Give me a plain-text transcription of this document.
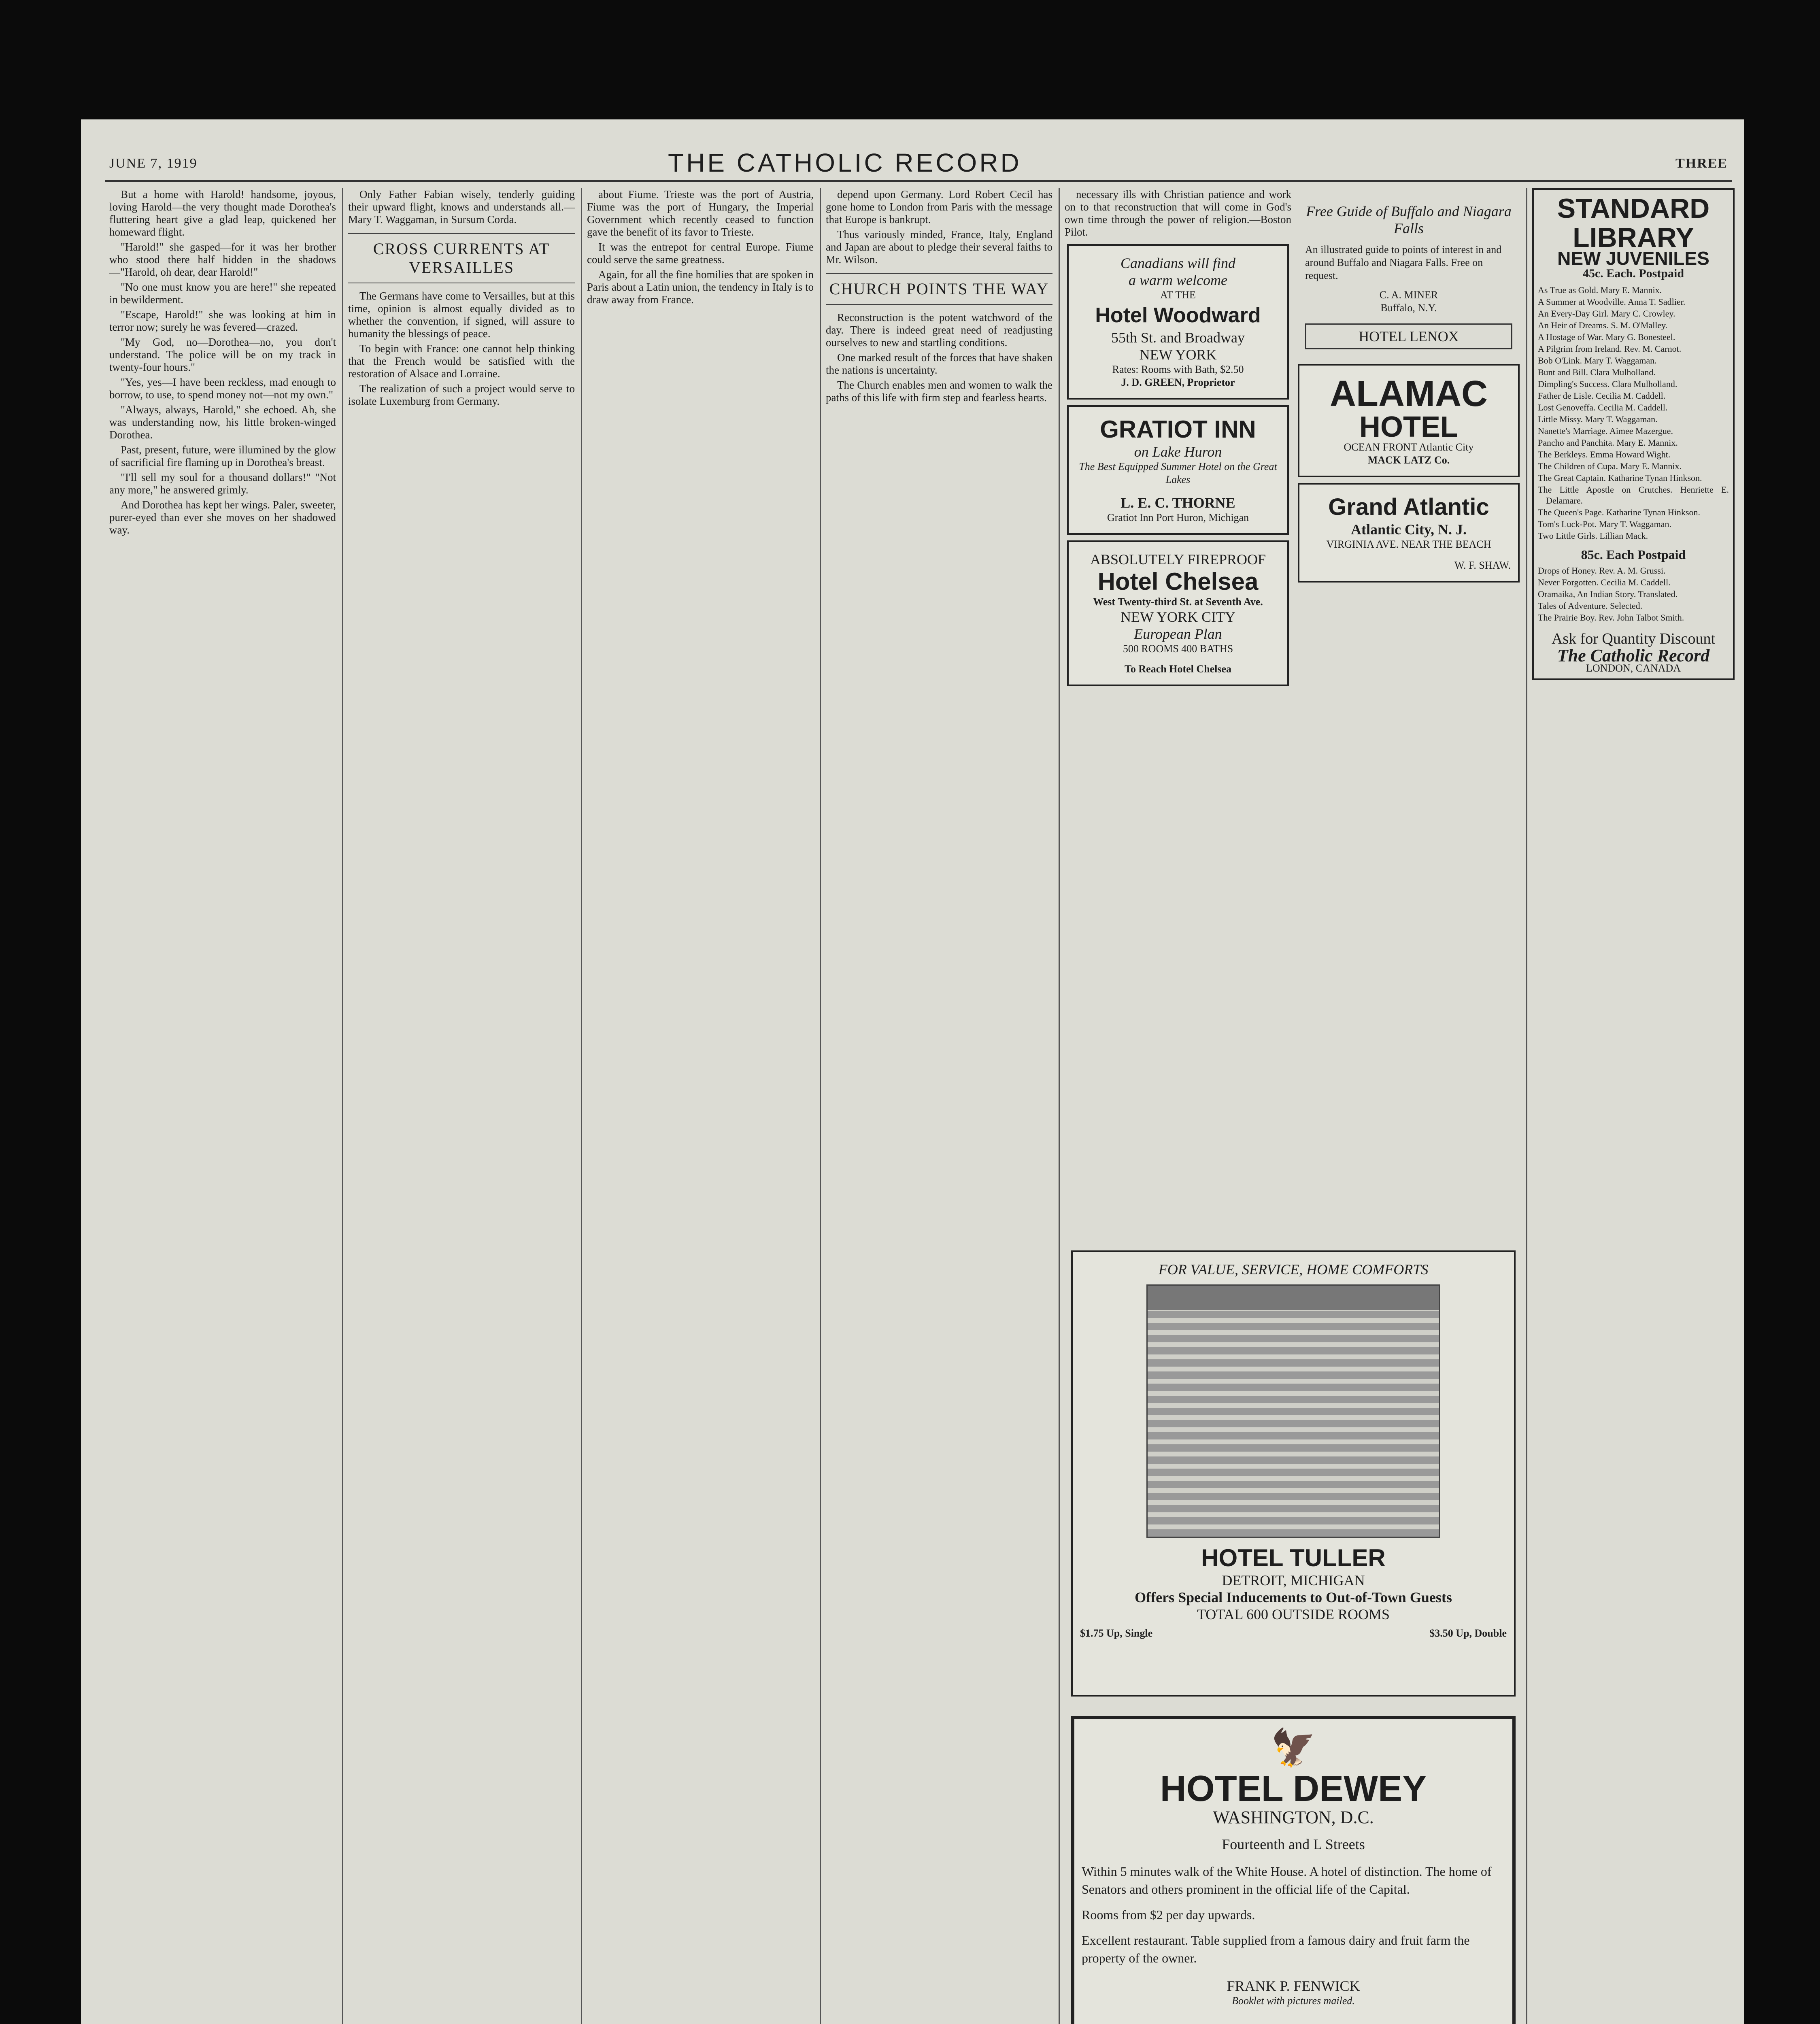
JUNE 7, 1919	THE CATHOLIC RECORD	THREE

But a home with Harold! handsome, joyous, loving Harold—the very thought made Dorothea's fluttering heart give a glad leap, quickened her homeward flight.

"Harold!" she gasped—for it was her brother who stood there half hidden in the shadows—"Harold, oh dear, dear Harold!"

"No one must know you are here!" she repeated in bewilderment.

"Escape, Harold!" she was looking at him in terror now; surely he was fevered—crazed.

"My God, no—Dorothea—no, you don't understand. The police will be on my track in twenty-four hours."

"Yes, yes—I have been reckless, mad enough to borrow, to use, to spend money not—not my own."

"Always, always, Harold," she echoed. Ah, she was understanding now, his little broken-winged Dorothea.

Past, present, future, were illumined by the glow of sacrificial fire flaming up in Dorothea's breast.

"I'll sell my soul for a thousand dollars!" "Not any more," he answered grimly.

And Dorothea has kept her wings. Paler, sweeter, purer-eyed than ever she moves on her shadowed way.

Only Father Fabian wisely, tenderly guiding their upward flight, knows and understands all.—Mary T. Waggaman, in Sursum Corda.

CROSS CURRENTS AT VERSAILLES

The Germans have come to Versailles, but at this time, opinion is almost equally divided as to whether the convention, if signed, will assure to humanity the blessings of peace.

To begin with France: one cannot help thinking that the French would be satisfied with the restoration of Alsace and Lorraine.

The realization of such a project would serve to isolate Luxemburg from Germany.

about Fiume. Trieste was the port of Austria, Fiume was the port of Hungary, the Imperial Government which recently ceased to function gave the benefit of its favor to Trieste.

It was the entrepot for central Europe. Fiume could serve the same greatness.

Again, for all the fine homilies that are spoken in Paris about a Latin union, the tendency in Italy is to draw away from France.

depend upon Germany. Lord Robert Cecil has gone home to London from Paris with the message that Europe is bankrupt.

Thus variously minded, France, Italy, England and Japan are about to pledge their several faiths to Mr. Wilson.

CHURCH POINTS THE WAY

Reconstruction is the potent watchword of the day. There is indeed great need of readjusting ourselves to new and startling conditions.

One marked result of the forces that have shaken the nations is uncertainty.

The Church enables men and women to walk the paths of this life with firm step and fearless hearts.

necessary ills with Christian patience and work on to that reconstruction that will come in God's own time through the power of religion.—Boston Pilot.

Canadians will find
a warm welcome
AT THE
Hotel Woodward
55th St. and Broadway
NEW YORK
Rates: Rooms with Bath, $2.50
J. D. GREEN, Proprietor
GRATIOT INN
on Lake Huron
The Best Equipped Summer Hotel on the Great Lakes
L. E. C. THORNE
Gratiot Inn Port Huron, Michigan
ABSOLUTELY FIREPROOF
Hotel Chelsea
West Twenty-third St. at Seventh Ave.
NEW YORK CITY
European Plan
500 ROOMS 400 BATHS
To Reach Hotel Chelsea
Free Guide of Buffalo and Niagara Falls
An illustrated guide to points of interest in and around Buffalo and Niagara Falls. Free on request.
C. A. MINER
Buffalo, N.Y.
HOTEL LENOX
ALAMAC
HOTEL
OCEAN FRONT Atlantic City
MACK LATZ Co.
Grand Atlantic
Atlantic City, N. J.
VIRGINIA AVE. NEAR THE BEACH
W. F. SHAW.
FOR VALUE, SERVICE, HOME COMFORTS
HOTEL TULLER
DETROIT, MICHIGAN
Offers Special Inducements to Out-of-Town Guests
TOTAL 600 OUTSIDE ROOMS
$1.75 Up, Single	$3.50 Up, Double
🦅
HOTEL DEWEY
WASHINGTON, D.C.
Fourteenth and L Streets
Within 5 minutes walk of the White House. A hotel of distinction. The home of Senators and others prominent in the official life of the Capital.
Rooms from $2 per day upwards.
Excellent restaurant. Table supplied from a famous dairy and fruit farm the property of the owner.
FRANK P. FENWICK
Booklet with pictures mailed.
STANDARD LIBRARY
NEW JUVENILES
45c. Each. Postpaid
As True as Gold. Mary E. Mannix.
A Summer at Woodville. Anna T. Sadlier.
An Every-Day Girl. Mary C. Crowley.
An Heir of Dreams. S. M. O'Malley.
A Hostage of War. Mary G. Bonesteel.
A Pilgrim from Ireland. Rev. M. Carnot.
Bob O'Link. Mary T. Waggaman.
Bunt and Bill. Clara Mulholland.
Dimpling's Success. Clara Mulholland.
Father de Lisle. Cecilia M. Caddell.
Lost Genoveffa. Cecilia M. Caddell.
Little Missy. Mary T. Waggaman.
Nanette's Marriage. Aimee Mazergue.
Pancho and Panchita. Mary E. Mannix.
The Berkleys. Emma Howard Wight.
The Children of Cupa. Mary E. Mannix.
The Great Captain. Katharine Tynan Hinkson.
The Little Apostle on Crutches. Henriette E. Delamare.
The Queen's Page. Katharine Tynan Hinkson.
Tom's Luck-Pot. Mary T. Waggaman.
Two Little Girls. Lillian Mack.
85c. Each Postpaid
Drops of Honey. Rev. A. M. Grussi.
Never Forgotten. Cecilia M. Caddell.
Oramaika, An Indian Story. Translated.
Tales of Adventure. Selected.
The Prairie Boy. Rev. John Talbot Smith.
Ask for Quantity Discount
The Catholic Record
LONDON, CANADA
